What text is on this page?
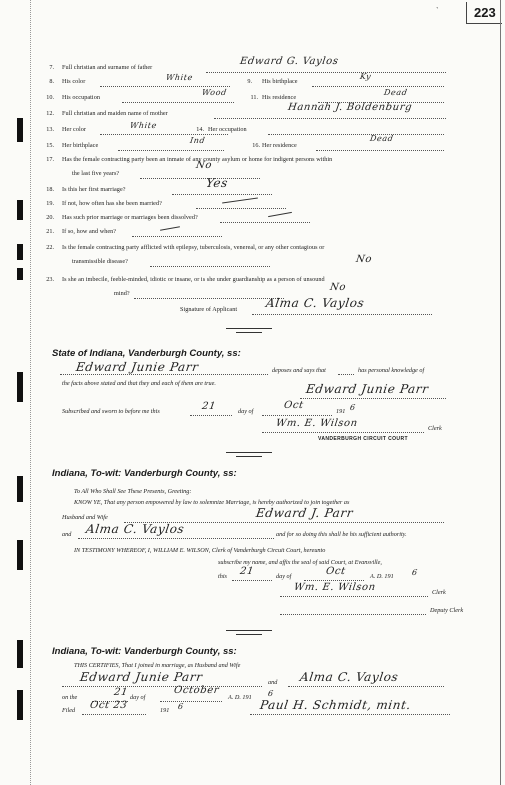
223
ˋ
7. Full christian and surname of father
Edward G. Vaylos
8. His color	White	9. His birthplace
Ky
10. His occupation
Wood
11. His residence
Dead
12. Full christian and maiden name of mother
Hannah J. Boldenburg
13. Her color	White	14. Her occupation
15. Her birthplace
Ind
16. Her residence
Dead
17. Has the female contracting party been an inmate of any county asylum or home for indigent persons within
the last five years?
No
18. Is this her first marriage?	Yes
19. If not, how often has she been married?
20. Has such prior marriage or marriages been dissolved?
21. If so, how and when?
22. Is the female contracting party afflicted with epilepsy, tuberculosis, venereal, or any other contagious or
transmissible disease?	No
23. Is she an imbecile, feeble-minded, idiotic or insane, or is she under guardianship as a person of unsound
mind?
No
Signature of Applicant Alma C. Vaylos
State of Indiana, Vanderburgh County, ss:
Edward Junie Parr	deposes and says that	has personal knowledge of
the facts above stated and that they and each of them are true.	Edward Junie Parr
Subscribed and sworn to before me this	21	day of
Oct
191 6
Wm. E. Wilson	Clerk
VANDERBURGH CIRCUIT COURT
Indiana, To-wit: Vanderburgh County, ss:
To All Who Shall See These Presents, Greeting:
KNOW YE, That any person empowered by law to solemnize Marriage, is hereby authorized to join together as
Husband and Wife	Edward J. Parr
and Alma C. Vaylos	and for so doing this shall be his sufficient authority.
IN TESTIMONY WHEREOF, I, WILLIAM E. WILSON, Clerk of Vanderburgh Circuit Court, hereunto
subscribe my name, and affix the seal of said Court, at Evansville,
this 21	day of	Oct	A. D. 191 6
Wm. E. Wilson	Clerk
Deputy Clerk
Indiana, To-wit: Vanderburgh County, ss:
THIS CERTIFIES, That I joined in marriage, as Husband and Wife
Edward Junie Parr	and Alma C. Vaylos
on the	21 day of
October
A. D. 191 6
Filed Oct 23	191 6	Paul H. Schmidt, mint.
